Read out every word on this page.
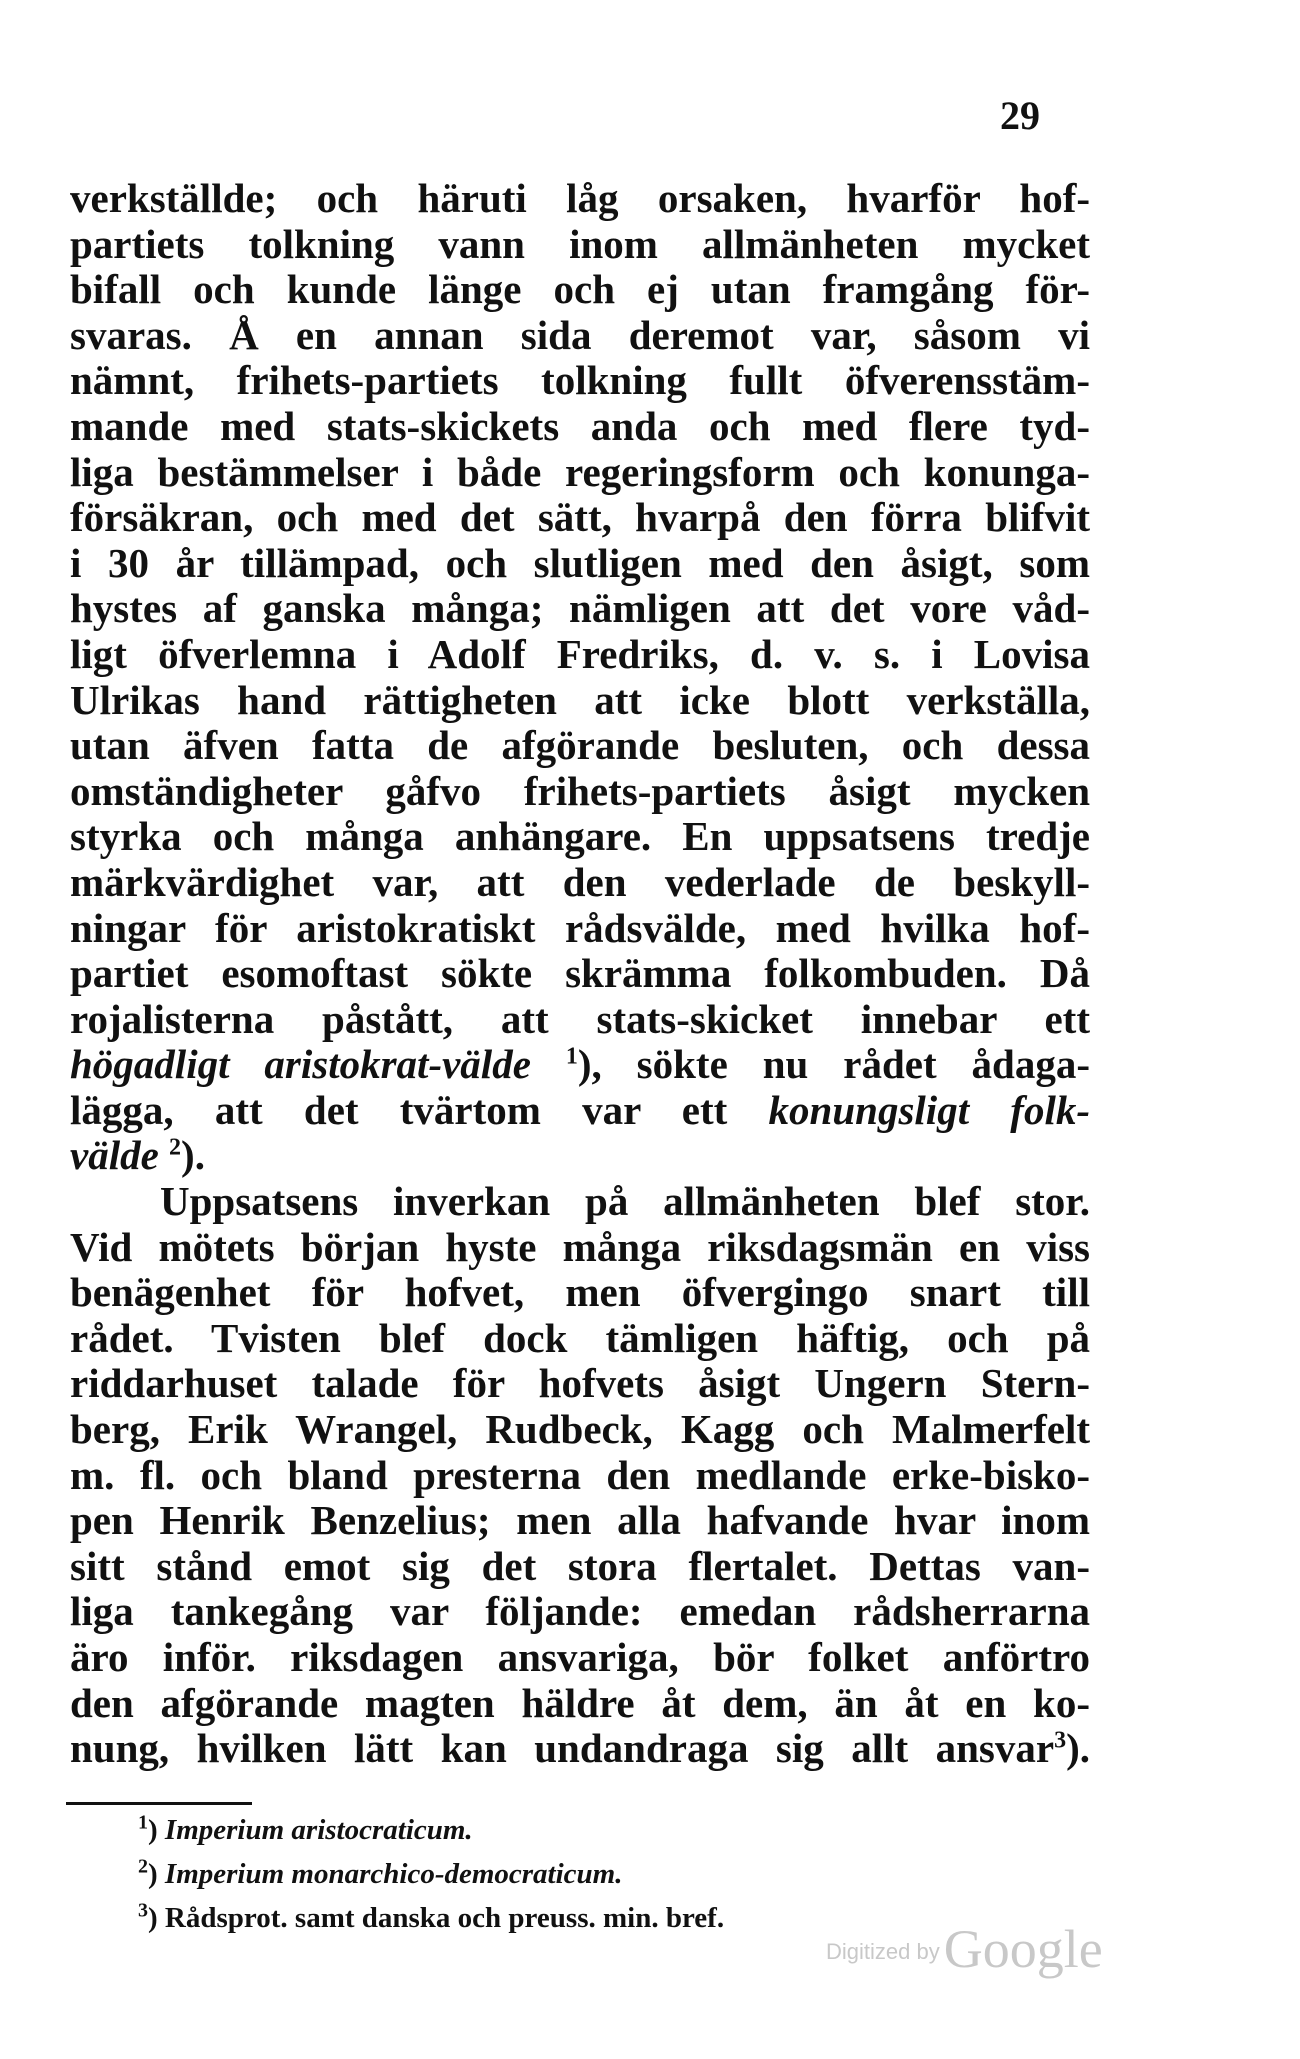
29
verkställde; och häruti låg orsaken, hvarför hof-
partiets tolkning vann inom allmänheten mycket
bifall och kunde länge och ej utan framgång för-
svaras. Å en annan sida deremot var, såsom vi
nämnt, frihets-partiets tolkning fullt öfverensstäm-
mande med stats-skickets anda och med flere tyd-
liga bestämmelser i både regeringsform och konunga-
försäkran, och med det sätt, hvarpå den förra blifvit
i 30 år tillämpad, och slutligen med den åsigt, som
hystes af ganska många; nämligen att det vore våd-
ligt öfverlemna i Adolf Fredriks, d. v. s. i Lovisa
Ulrikas hand rättigheten att icke blott verkställa,
utan äfven fatta de afgörande besluten, och dessa
omständigheter gåfvo frihets-partiets åsigt mycken
styrka och många anhängare. En uppsatsens tredje
märkvärdighet var, att den vederlade de beskyll-
ningar för aristokratiskt rådsvälde, med hvilka hof-
partiet esomoftast sökte skrämma folkombuden. Då
rojalisterna påstått, att stats-skicket innebar ett
högadligt aristokrat-välde $^1$), sökte nu rådet ådaga-
lägga, att det tvärtom var ett konungsligt folk-
välde $^2$).
Uppsatsens inverkan på allmänheten blef stor.
Vid mötets början hyste många riksdagsmän en viss
benägenhet för hofvet, men öfvergingo snart till
rådet. Tvisten blef dock tämligen häftig, och på
riddarhuset talade för hofvets åsigt Ungern Stern-
berg, Erik Wrangel, Rudbeck, Kagg och Malmerfelt
m. fl. och bland presterna den medlande erke-bisko-
pen Henrik Benzelius; men alla hafvande hvar inom
sitt stånd emot sig det stora flertalet. Dettas van-
liga tankegång var följande: emedan rådsherrarna
äro inför. riksdagen ansvariga, bör folket anförtro
den afgörande magten häldre åt dem, än åt en ko-
nung, hvilken lätt kan undandraga sig allt ansvar$^3$).
$^1$) Imperium aristocraticum.
$^2$) Imperium monarchico-democraticum.
$^3$) Rådsprot. samt danska och preuss. min. bref.
Digitized byGoogle
